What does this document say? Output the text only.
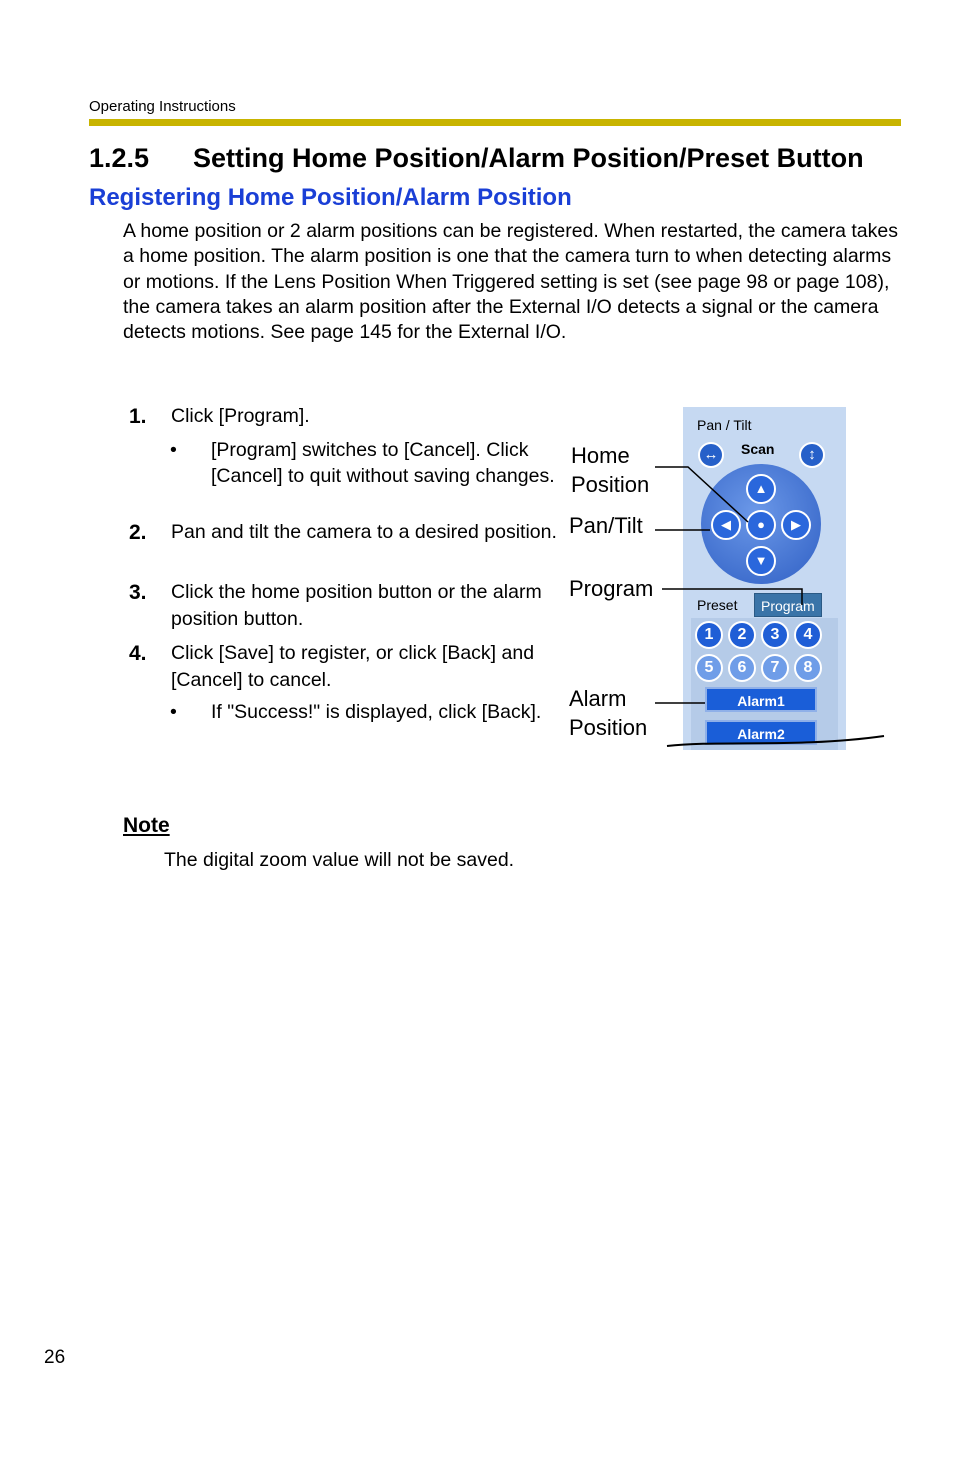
Operating Instructions
1.2.5 Setting Home Position/Alarm Position/Preset Button
Registering Home Position/Alarm Position
A home position or 2 alarm positions can be registered. When restarted, the camera takes a home position. The alarm position is one that the camera turn to when detecting alarms or motions. If the Lens Position When Triggered setting is set (see page 98 or page 108), the camera takes an alarm position after the External I/O detects a signal or the camera detects motions. See page 145 for the External I/O.
1. Click [Program].
• [Program] switches to [Cancel]. Click [Cancel] to quit without saving changes.
2. Pan and tilt the camera to a desired position.
3. Click the home position button or the alarm position button.
4. Click [Save] to register, or click [Back] and [Cancel] to cancel.
• If "Success!" is displayed, click [Back].
Pan / Tilt
↔	Scan	↕
▲
◀	●	▶
▼
Preset	Program
1	2	3	4
5	6	7	8
Alarm1
Alarm2
Home Position
Pan/Tilt
Program
Alarm Position
Note
The digital zoom value will not be saved.
26
